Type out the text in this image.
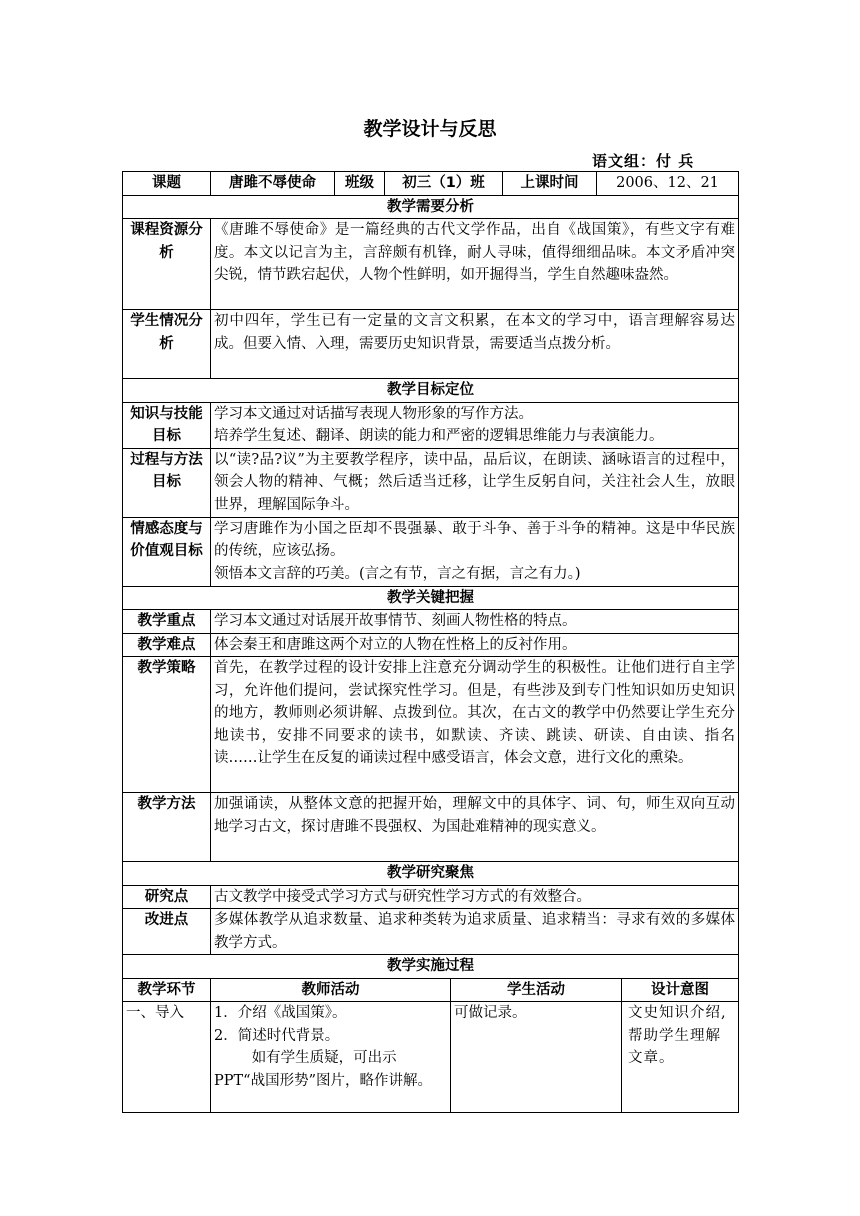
教学设计与反思
语文组：付 兵
课题	唐雎不辱使命	班级	初三（1）班		上课时间	2006、12、21	
教学需要分析							
课程资源分析	《唐雎不辱使命》是一篇经典的古代文学作品，出自《战国策》，有些文字有难度。本文以记言为主，言辞颇有机锋，耐人寻味，值得细细品味。本文矛盾冲突尖锐，情节跌宕起伏，人物个性鲜明，如开掘得当，学生自然趣味盎然。						
学生情况分析	初中四年，学生已有一定量的文言文积累，在本文的学习中，语言理解容易达成。但要入情、入理，需要历史知识背景，需要适当点拨分析。						
教学目标定位							
知识与技能目标	学习本文通过对话描写表现人物形象的写作方法。
培养学生复述、翻译、朗读的能力和严密的逻辑思维能力与表演能力。						

过程与方法目标	以“读?品?议”为主要教学程序，读中品，品后议，在朗读、涵咏语言的过程中，领会人物的精神、气概；然后适当迁移，让学生反躬自问，关注社会人生，放眼世界，理解国际争斗。						
情感态度与价值观目标	学习唐雎作为小国之臣却不畏强暴、敢于斗争、善于斗争的精神。这是中华民族的传统，应该弘扬。
领悟本文言辞的巧美。(言之有节，言之有据，言之有力。)						

教学关键把握							
教学重点	学习本文通过对话展开故事情节、刻画人物性格的特点。						
教学难点	体会秦王和唐雎这两个对立的人物在性格上的反衬作用。						
教学策略	首先，在教学过程的设计安排上注意充分调动学生的积极性。让他们进行自主学习，允许他们提问，尝试探究性学习。但是，有些涉及到专门性知识如历史知识的地方，教师则必须讲解、点拨到位。其次，在古文的教学中仍然要让学生充分地读书，安排不同要求的读书，如默读、齐读、跳读、研读、自由读、指名读……让学生在反复的诵读过程中感受语言，体会文意，进行文化的熏染。						
教学方法	加强诵读，从整体文意的把握开始，理解文中的具体字、词、句，师生双向互动地学习古文，探讨唐雎不畏强权、为国赴难精神的现实意义。						
教学研究聚焦							
研究点	古文教学中接受式学习方式与研究性学习方式的有效整合。						
改进点	多媒体教学从追求数量、追求种类转为追求质量、追求精当：寻求有效的多媒体教学方式。						
教学实施过程							
教学环节	教师活动			学生活动			设计意图
一、导入	1．介绍《战国策》。
2．简述时代背景。
如有学生质疑，可出示PPT“战国形势”图片，略作讲解。			可做记录。			文史知识介绍,帮助学生理解文章。
